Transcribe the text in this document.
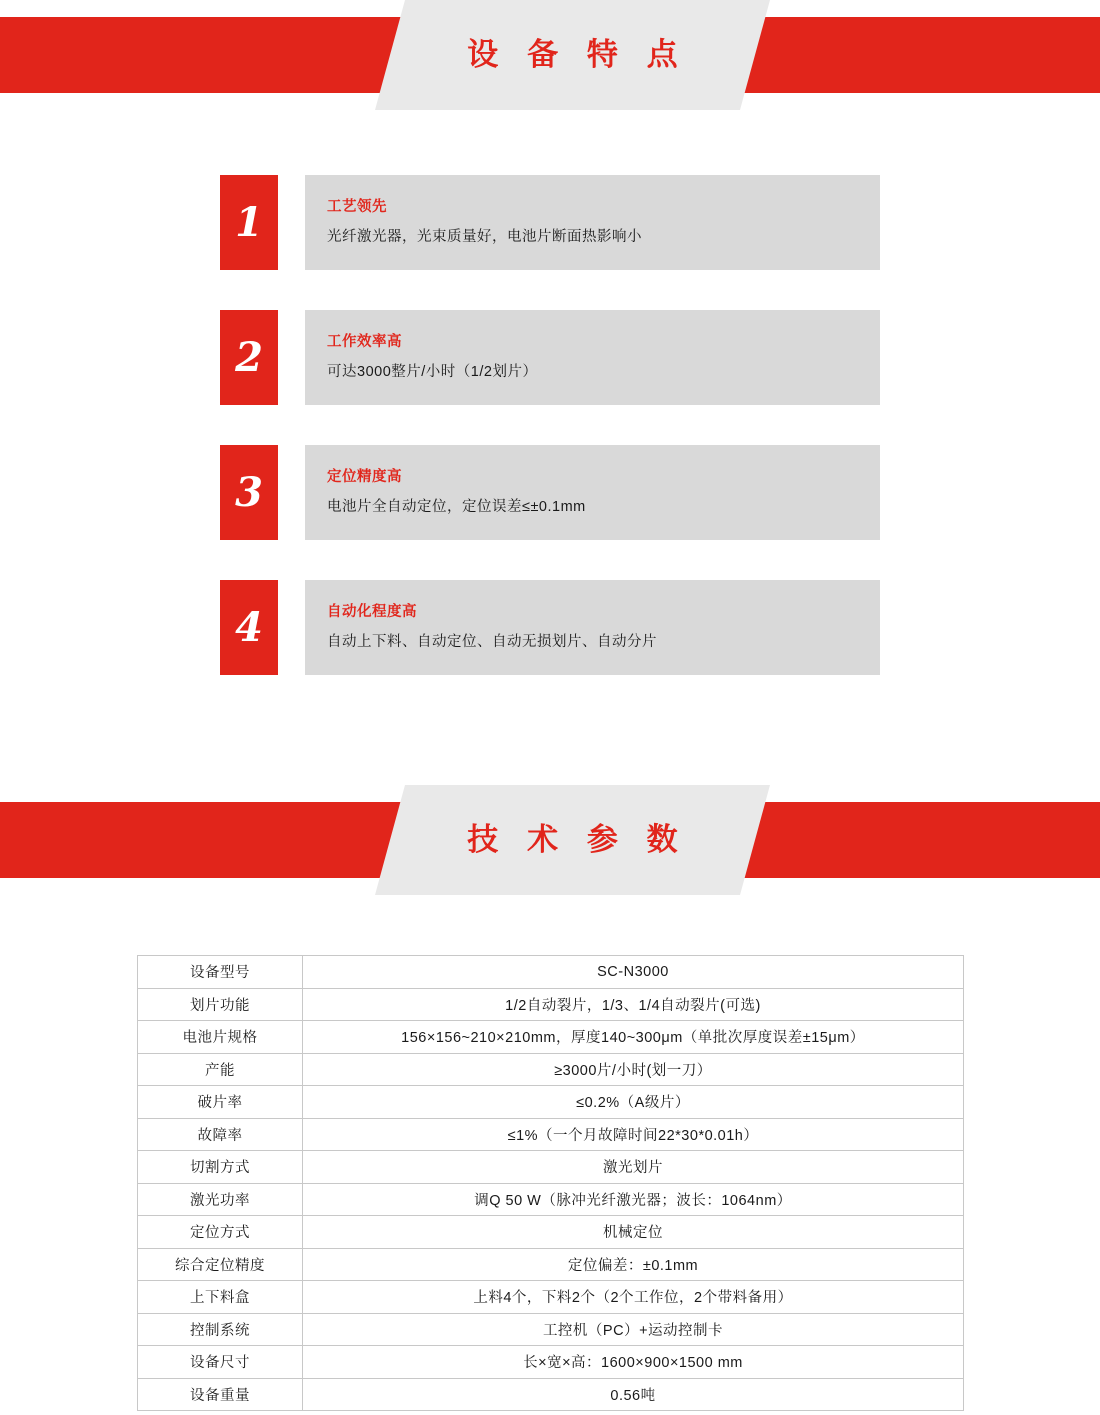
设 备 特 点
1	工艺领先
光纤激光器，光束质量好，电池片断面热影响小
2	工作效率高
可达3000整片/小时（1/2划片）
3	定位精度高
电池片全自动定位，定位误差≤±0.1mm
4	自动化程度高
自动上下料、自动定位、自动无损划片、自动分片
技 术 参 数
设备型号	SC-N3000
划片功能	1/2自动裂片，1/3、1/4自动裂片(可选)
电池片规格	156×156~210×210mm，厚度140~300μm（单批次厚度误差±15μm）
产能	≥3000片/小时(划一刀）
破片率	≤0.2%（A级片）
故障率	≤1%（一个月故障时间22*30*0.01h）
切割方式	激光划片
激光功率	调Q 50 W（脉冲光纤激光器；波长：1064nm）
定位方式	机械定位
综合定位精度	定位偏差：±0.1mm
上下料盒	上料4个，下料2个（2个工作位，2个带料备用）
控制系统	工控机（PC）+运动控制卡
设备尺寸	长×宽×高：1600×900×1500 mm
设备重量	0.56吨
